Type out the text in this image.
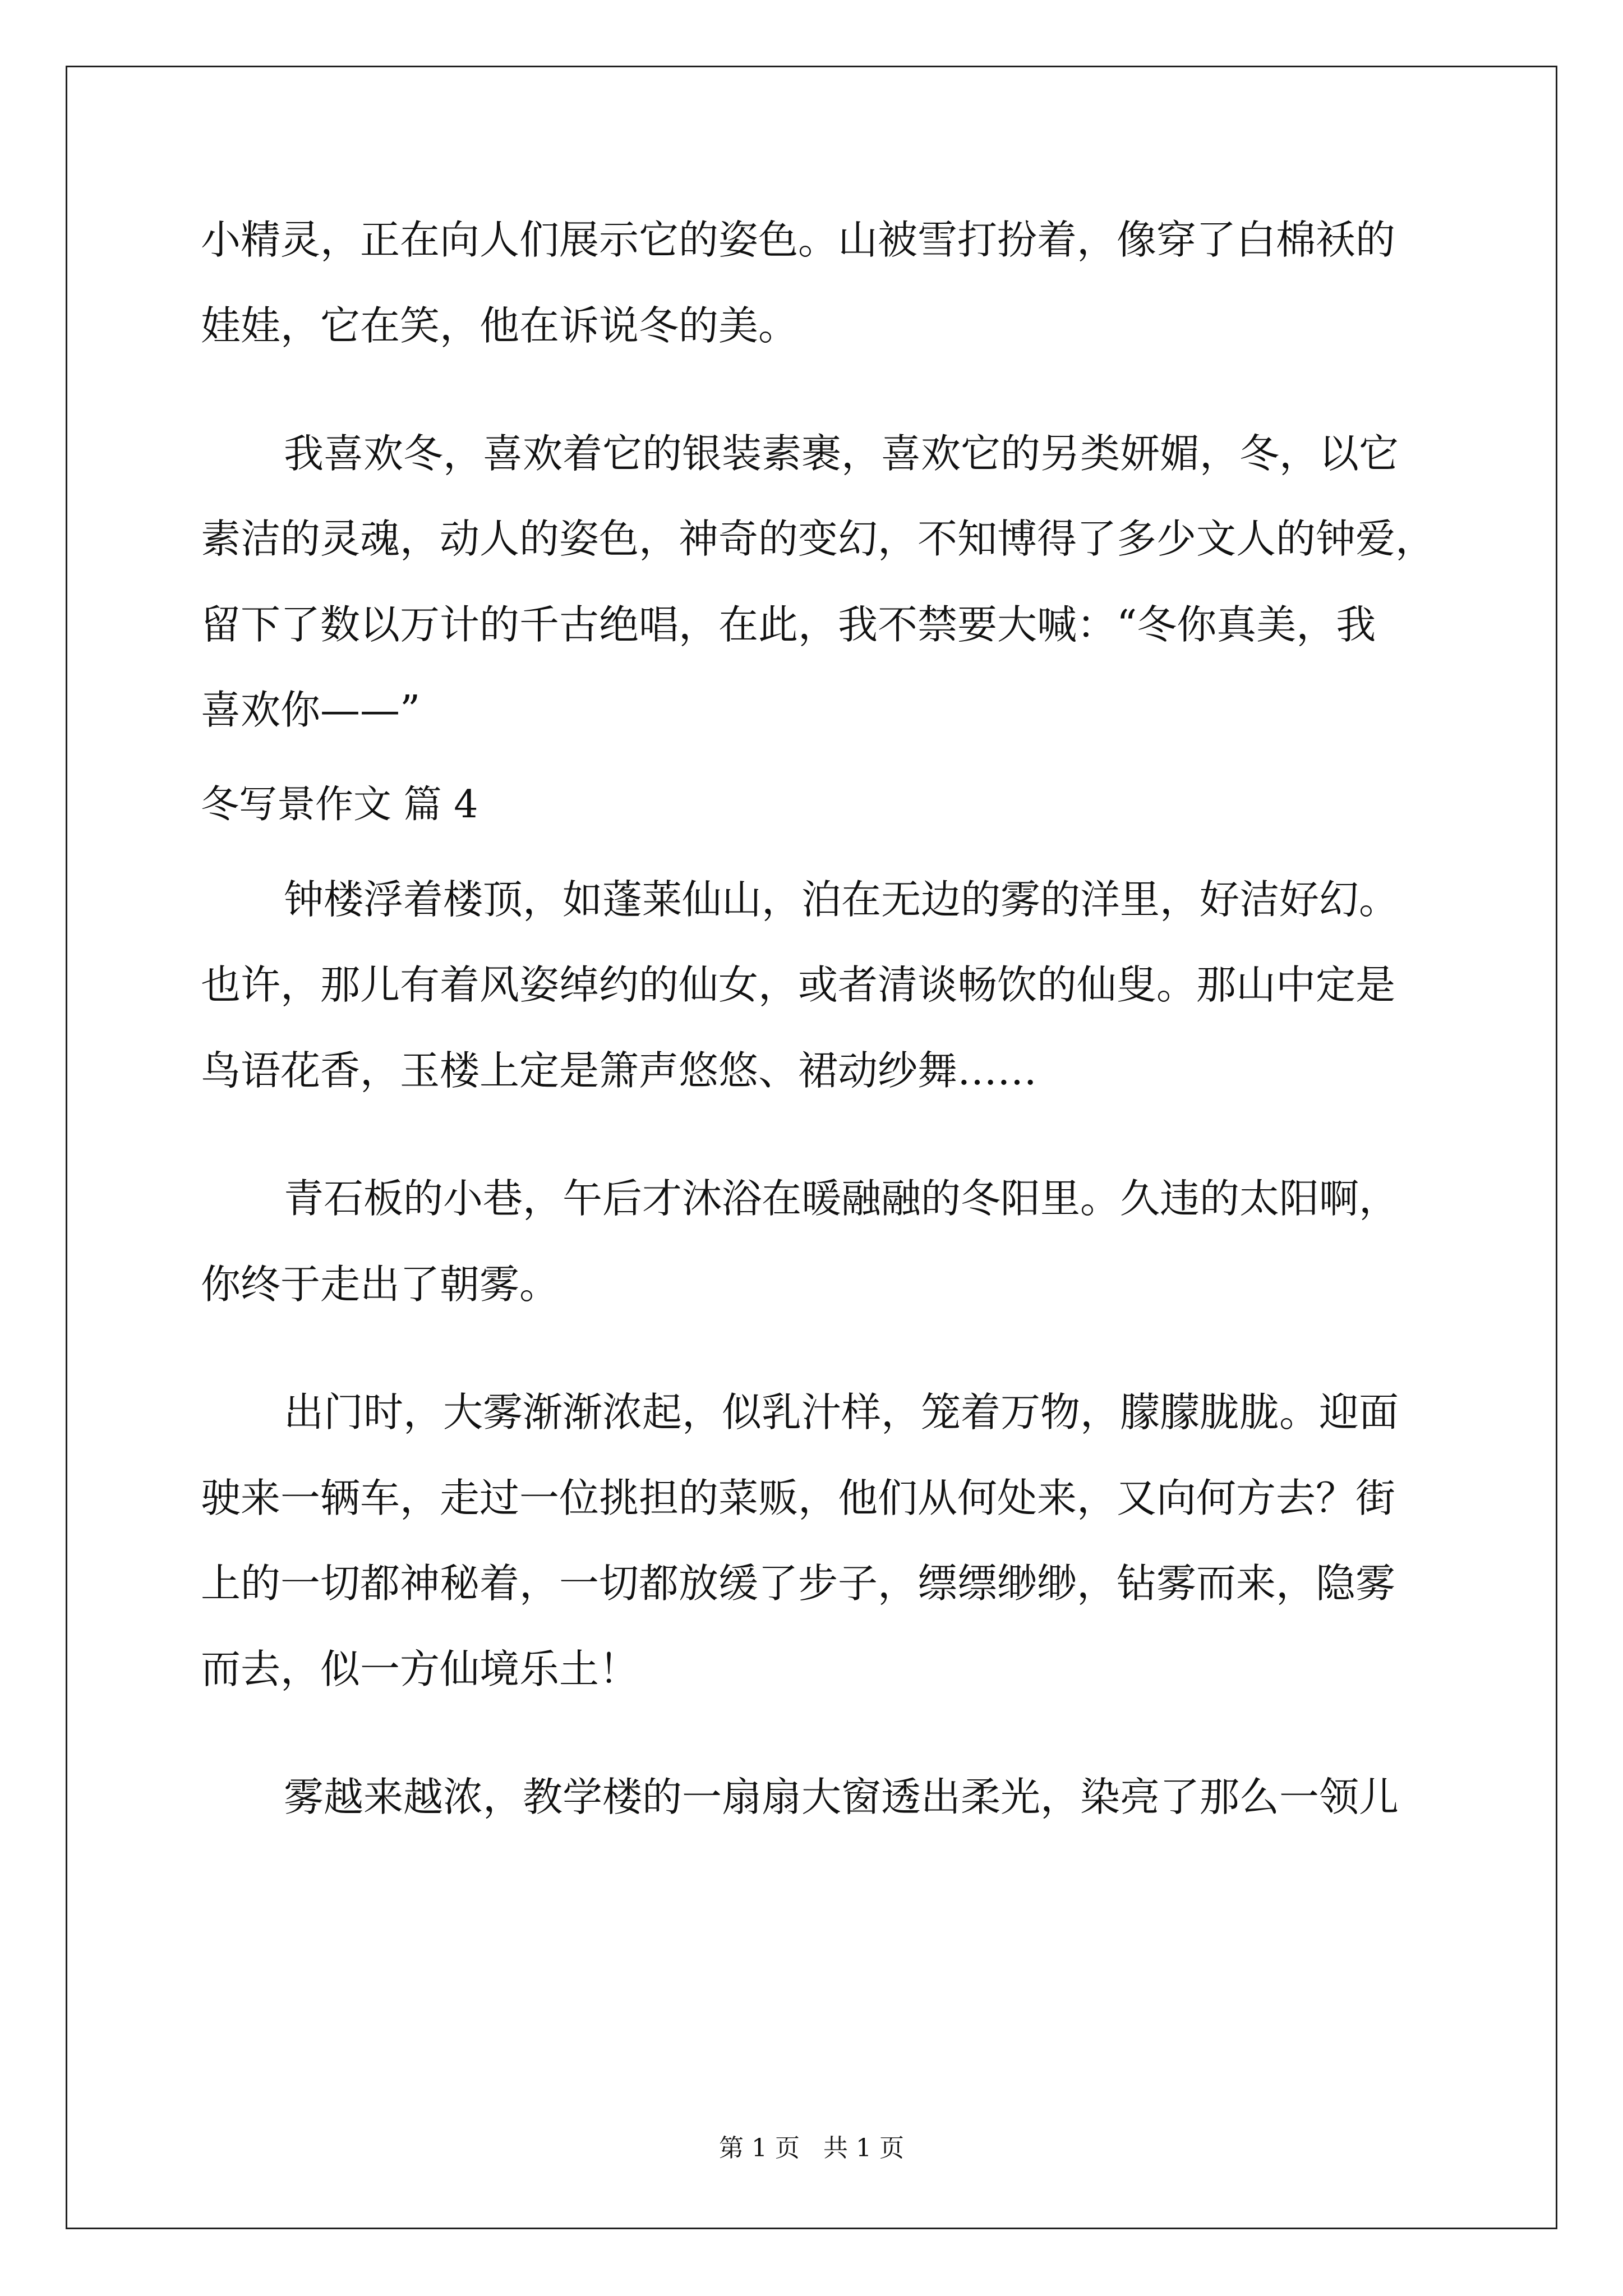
小精灵，正在向人们展示它的姿色。山被雪打扮着，像穿了白棉袄的
娃娃，它在笑，他在诉说冬的美。
我喜欢冬，喜欢着它的银装素裹，喜欢它的另类妍媚，冬，以它
素洁的灵魂，动人的姿色，神奇的变幻，不知博得了多少文人的钟爱，
留下了数以万计的千古绝唱，在此，我不禁要大喊：“冬你真美，我
喜欢你——”
冬写景作文 篇 4
钟楼浮着楼顶，如蓬莱仙山，泊在无边的雾的洋里，好洁好幻。
也许，那儿有着风姿绰约的仙女，或者清谈畅饮的仙叟。那山中定是
鸟语花香，玉楼上定是箫声悠悠、裙动纱舞……
青石板的小巷，午后才沐浴在暖融融的冬阳里。久违的太阳啊，
你终于走出了朝雾。
出门时，大雾渐渐浓起，似乳汁样，笼着万物，朦朦胧胧。迎面
驶来一辆车，走过一位挑担的菜贩，他们从何处来，又向何方去？街
上的一切都神秘着，一切都放缓了步子，缥缥缈缈，钻雾而来，隐雾
而去，似一方仙境乐土！
雾越来越浓，教学楼的一扇扇大窗透出柔光，染亮了那么一领儿
第 1 页   共 1 页
